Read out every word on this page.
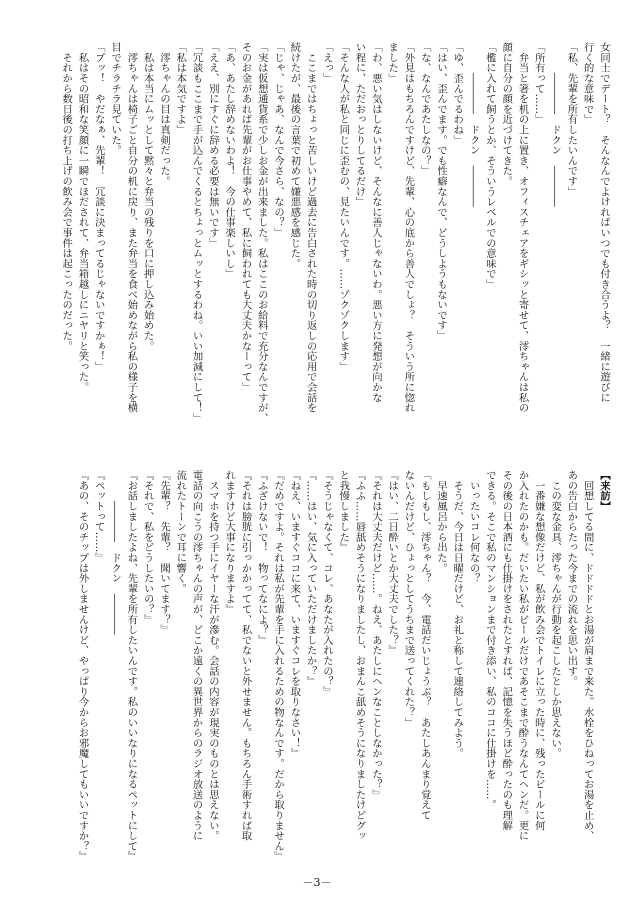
女同士でデート？　そんなんでよければいつでも付き合うよ？　一緒に遊びに

行く的な意味で」

「私、先輩を所有したいんです」

　　　――――　ドクン　――――

「所有って……」

　弁当と箸を机の上に置き、オフィスチェアをギシッと寄せて、澪ちゃんは私の

顔に自分の顔を近づけてきた。

「檻に入れて飼うとか、そういうレベルでの意味で」

　　　――――　ドクン　――――

「ゆ、歪んでるわね」

「はい、歪んでます。でも性癖なんで、どうしようもないです」

「な、なんであたしなの？」

「外見はもちろんですけど、先輩、心の底から善人でしょ？　そういう所に惚れ

ました」

「わ、悪い気はしないけど、そんなに善人じゃないわ。悪い方に発想が向かな

い程に、ただおっとりしてるだけ」

「そんな人が私と同じに歪むの、見たいんです。……ゾクゾクします」

「えっ」

　ここまではちょっと苦しいけど過去に告白された時の切り返しの応用で会話を

続けたが、最後の言葉で初めて嫌悪感を感じた。

「じゃ、じゃあ、なんで今さら、なの？」

「実は仮想通貨系で少しお金が出来ました。私はここのお給料で充分なんですが、

そのお金があれば先輩がお仕事やめて、私に飼われても大丈夫かなーって」

「あ、あたし辞めないわよ！　今の仕事楽しいし」

「ええ、別にすぐに辞める必要は無いです」

「冗談もここまで手が込んでくるとちょっとムッとするわね。いい加減にして！」

「私は本気ですよ」

　澪ちゃんの目は真剣だった。

　私は本当にムッとして黙々と弁当の残りを口に押し込み始めた。

　澪ちゃんは椅子ごと自分の机に戻り、また弁当を食べ始めながら私の様子を横

目でチラチラ見ていた。

「プッ！　やだなぁ、先輩！　冗談に決まってるじゃないですかぁ！」

　私はその昭和な笑顔に一瞬でほだされて、弁当箱越しにニヤリと笑った。

　それから数日後の打ち上げの飲み会で事件は起こったのだった。

【来訪】

　回想してる間に、ドドドドとお湯が肩まで来た。水栓をひねってお湯を止め、

あの告白からたった今までの流れを思い出す。

　この変な金具、澪ちゃんが行動を起こしたとしか思えない。

　一番嫌な想像だけど、私が飲み会でトイレに立った時に、残ったビールに何

か入れたのかも。だいたい私がビールだけであそこまで酔うなんてヘンだ。更に

その後の日本酒にも仕掛けをされたとすれば、記憶を失うほど酔ったのも理解

できる。そこで私のマンションまで付き添い、私のココに仕掛けを……。

　いったいコレ何なの？

　そうだ、今日は日曜だけど、お礼と称して連絡してみよう。

　早速風呂から出た。

「もしもし、澪ちゃん？　今、電話だいじょうぶ？　あたしあんまり覚えて

ないんだけど、ひょっとしてうちまで送ってくれた？」

『はい、二日酔いとか大丈夫でした？』

『それは大丈夫だけど……。ねえ、あたしにヘンなことしなかった？』

『ふふ……唇舐めそうになりましたし、おまんこ舐めそうになりましたけどグッ

と我慢しました』

『そうじゃなくて、コレ、あなたが入れたの？』

『……はい、気に入っていただけましたか？』

『ねえ、いますぐココに来て、いますぐコレを取りなさい！』

『だめですよ。それは私が先輩を手に入れるための物なんです。だから取りません』

『ふざけないで！　物ってなによ？』

『それは膀胱に引っかかってて、私でないと外せません。もちろん手術すれば取

れますけど大事になりますよ』

　スマホを持つ手にイヤーな汗が滲む。会話の内容が現実のものとは思えない。

電話の向こうの澪ちゃんの声が、どこか遠くの異世界からのラジオ放送のように

流れたトーンで耳に響く。

『先輩？　先輩？　聞いてます？』

『それで、私をどうしたいの？』

『お話しましたよね、先輩を所有したいんです。私のいいなりになるペットにして』

　　　――――　ドクン　――――

『ペットって……』

『あの、そのチップは外しませんけど、やっぱり今からお邪魔してもいいですか？』

－3－
